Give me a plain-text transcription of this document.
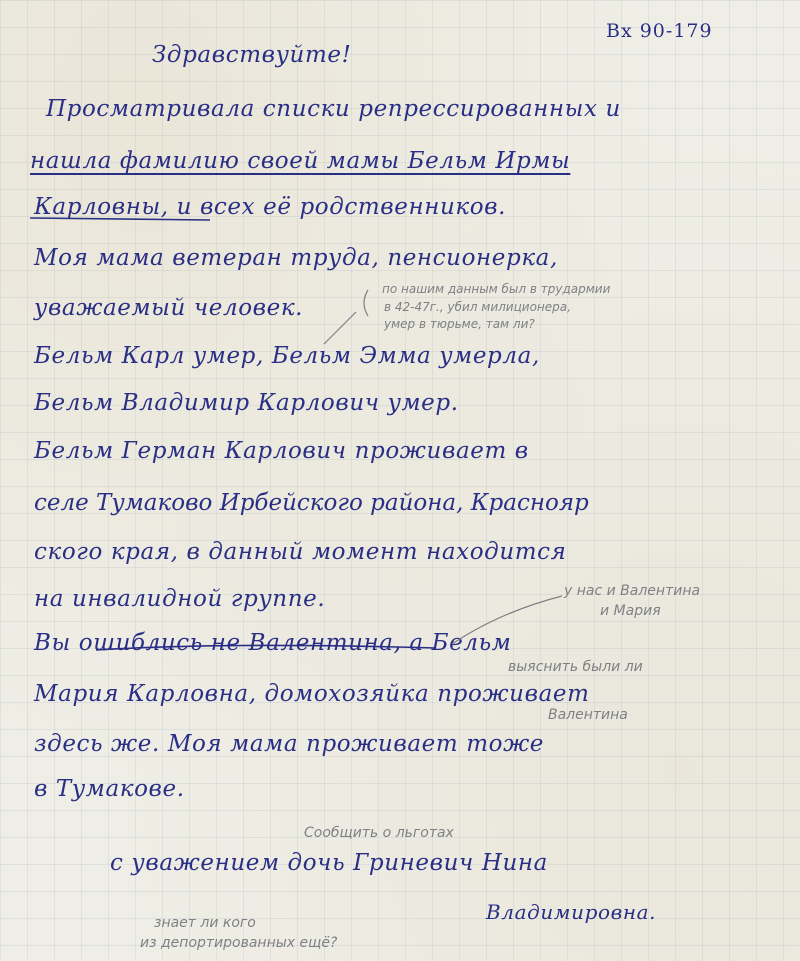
Вх 90-179
Здравствуйте!
Просматривала списки репрессированных и
нашла фамилию своей мамы Бельм Ирмы
Карловны, и всех её родственников.
Моя мама ветеран труда, пенсионерка,
уважаемый человек.
Бельм Карл умер, Бельм Эмма умерла,
Бельм Владимир Карлович умер.
Бельм Герман Карлович проживает в
селе Тумаково Ирбейского района, Краснояр
ского края, в данный момент находится
на инвалидной группе.
Вы ошиблись не Валентина, а Бельм
Мария Карловна, домохозяйка проживает
здесь же. Моя мама проживает тоже
в Тумакове.
с уважением дочь Гриневич Нина
Владимировна.
по нашим данным был в трудармии
в 42-47г., убил милиционера,
умер в тюрьме, там ли?
у нас и Валентина
и Мария
выяснить были ли
Валентина
Сообщить о льготах
знает ли кого
из депортированных ещё?
